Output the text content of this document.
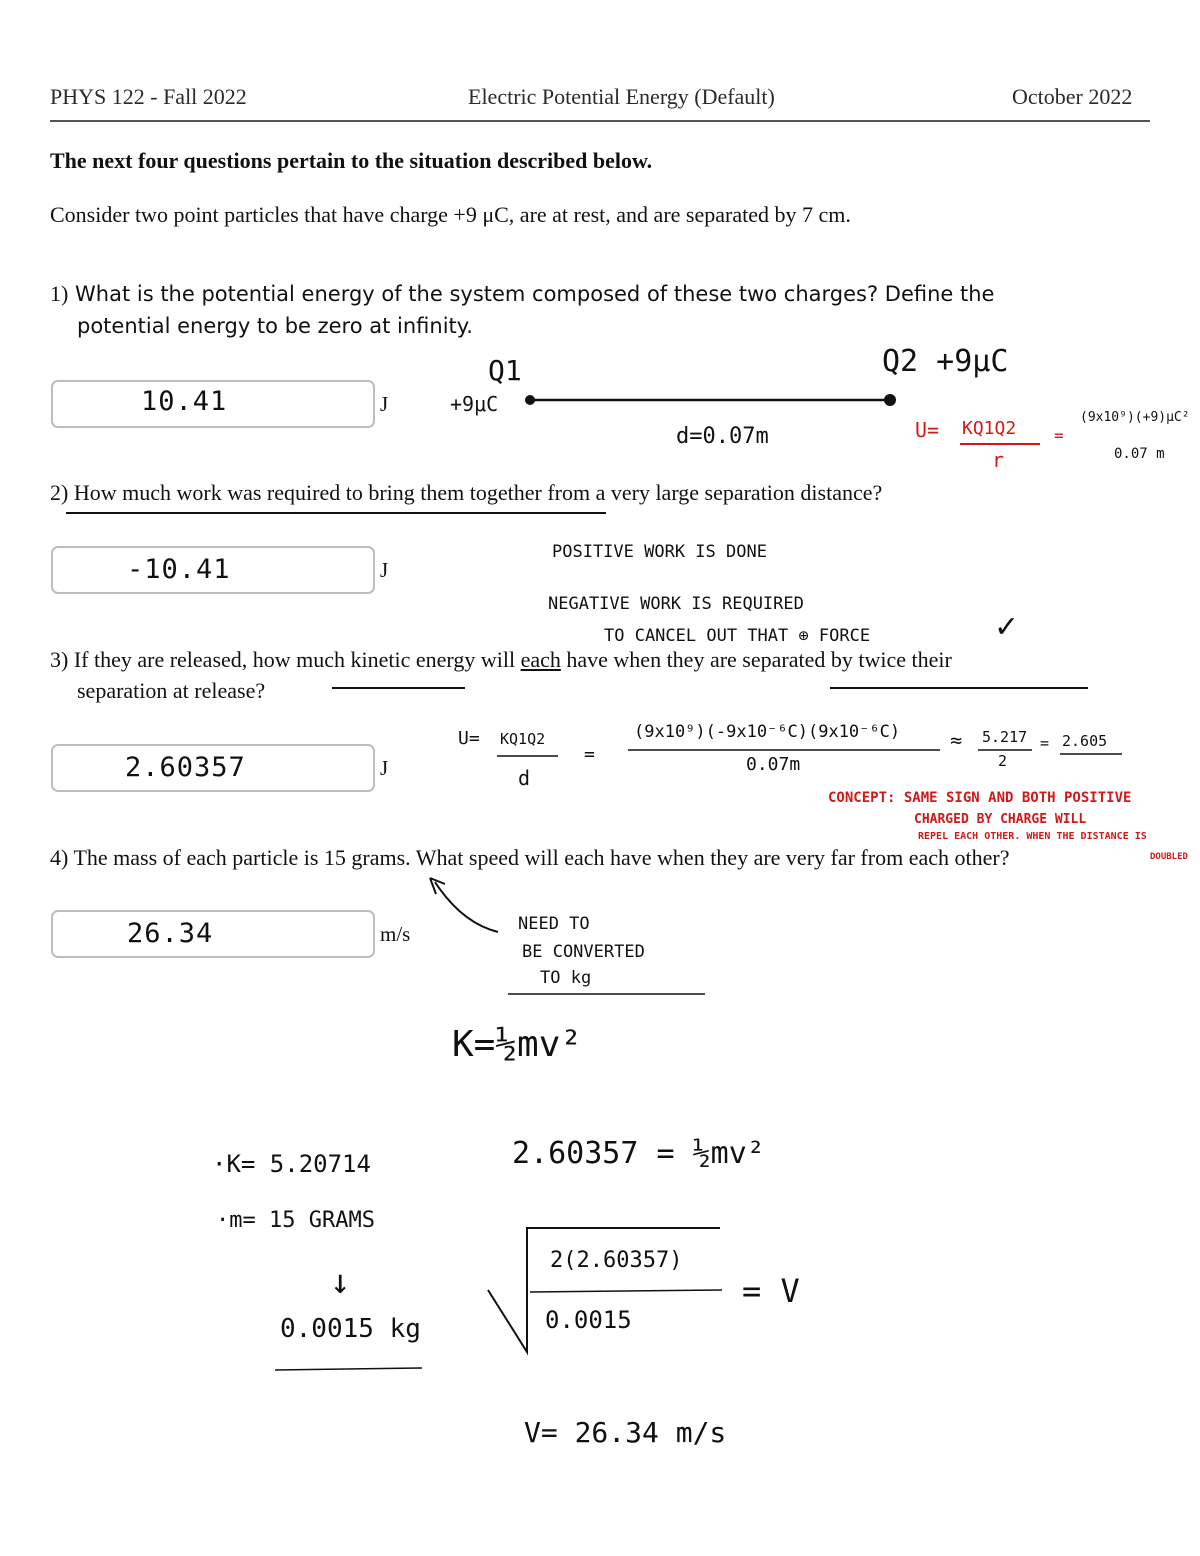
PHYS 122 - Fall 2022	Electric Potential Energy (Default)	October 2022
The next four questions pertain to the situation described below.
Consider two point particles that have charge +9 μC, are at rest, and are separated by 7 cm.
1) What is the potential energy of the system composed of these two charges? Define the
potential energy to be zero at infinity.
10.41	J
2) How much work was required to bring them together from a very large separation distance?
-10.41	J
3) If they are released, how much kinetic energy will each have when they are separated by twice their
separation at release?
2.60357	J
4) The mass of each particle is 15 grams. What speed will each have when they are very far from each other?
26.34	m/s
Q1	Q2 +9μC
+9μC
d=0.07m	U= KQ1Q2
r
=
(9x10⁹)(+9)μC²
0.07 m
POSITIVE WORK IS DONE
NEGATIVE WORK IS REQUIRED
TO CANCEL OUT THAT ⊕ FORCE	✓
U= KQ1Q2
d
=
(9x10⁹)(-9x10⁻⁶C)(9x10⁻⁶C)
0.07m
≈ 5.217
2
= 2.605
CONCEPT: SAME SIGN AND BOTH POSITIVE
CHARGED BY CHARGE WILL
REPEL EACH OTHER. WHEN THE DISTANCE IS
DOUBLED
NEED TO
BE CONVERTED
TO kg
K=½mv²
·K= 5.20714
·m= 15 GRAMS
↓
0.0015 kg
2.60357 = ½mv²
2(2.60357)
0.0015
= V
V= 26.34 m/s
